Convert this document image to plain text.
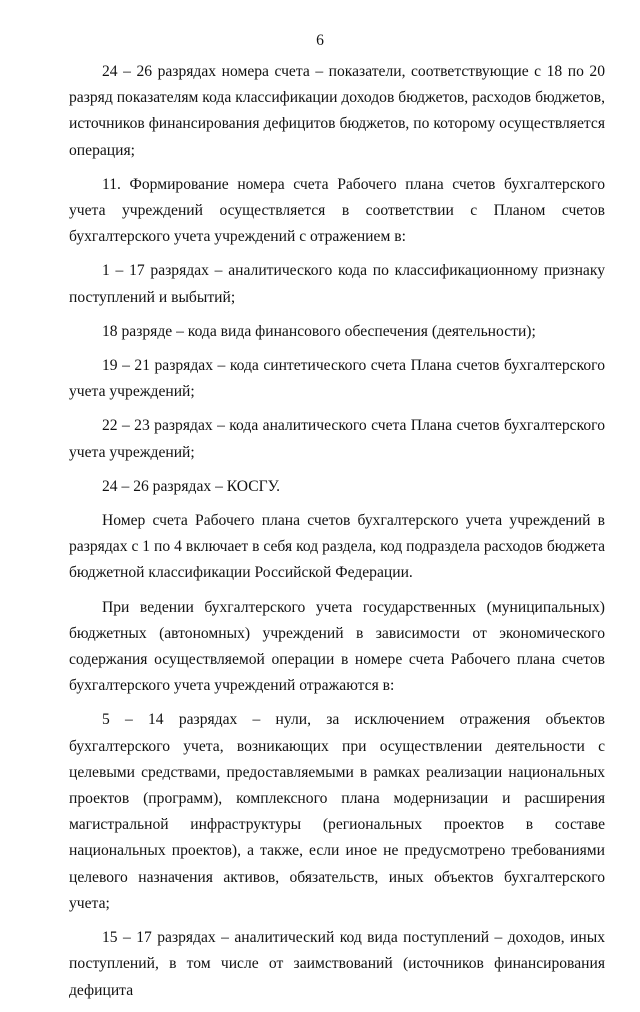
6

24 – 26 разрядах номера счета – показатели, соответствующие с 18 по 20 разряд показателям кода классификации доходов бюджетов, расходов бюджетов, источников финансирования дефицитов бюджетов, по которому осуществляется операция;

11. Формирование номера счета Рабочего плана счетов бухгалтерского учета учреждений осуществляется в соответствии с Планом счетов бухгалтерского учета учреждений с отражением в:

1 – 17 разрядах – аналитического кода по классификационному признаку поступлений и выбытий;

18 разряде – кода вида финансового обеспечения (деятельности);

19 – 21 разрядах – кода синтетического счета Плана счетов бухгалтерского учета учреждений;

22 – 23 разрядах – кода аналитического счета Плана счетов бухгалтерского учета учреждений;

24 – 26 разрядах – КОСГУ.

Номер счета Рабочего плана счетов бухгалтерского учета учреждений в разрядах с 1 по 4 включает в себя код раздела, код подраздела расходов бюджета бюджетной классификации Российской Федерации.

При ведении бухгалтерского учета государственных (муниципальных) бюджетных (автономных) учреждений в зависимости от экономического содержания осуществляемой операции в номере счета Рабочего плана счетов бухгалтерского учета учреждений отражаются в:

5 – 14 разрядах – нули, за исключением отражения объектов бухгалтерского учета, возникающих при осуществлении деятельности с целевыми средствами, предоставляемыми в рамках реализации национальных проектов (программ), комплексного плана модернизации и расширения магистральной инфраструктуры (региональных проектов в составе национальных проектов), а также, если иное не предусмотрено требованиями целевого назначения активов, обязательств, иных объектов бухгалтерского учета;

15 – 17 разрядах – аналитический код вида поступлений – доходов, иных поступлений, в том числе от заимствований (источников финансирования дефицита
